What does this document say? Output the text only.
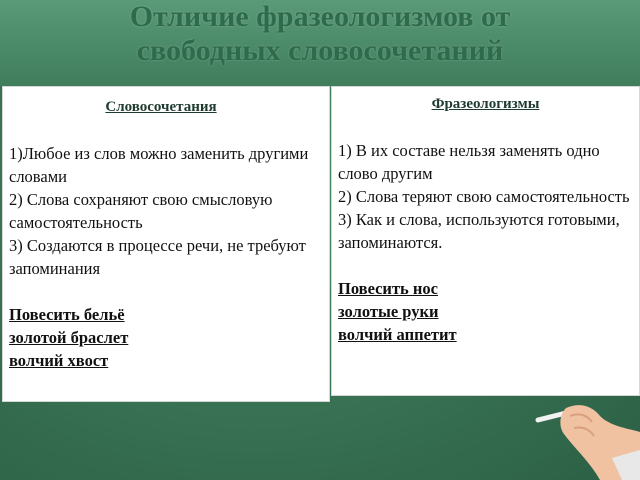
Отличие фразеологизмов от
свободных словосочетаний
Словосочетания
1)Любое из слов можно заменить другими словами
2) Слова сохраняют свою смысловую самостоятельность
3) Создаются в процессе речи, не требуют запоминания
Повесить бельё
золотой браслет
волчий хвост
Фразеологизмы
1) В их составе нельзя заменять одно слово другим
2) Слова теряют свою самостоятельность
3) Как и слова, используются готовыми, запоминаются.
Повесить нос
золотые руки
волчий аппетит
